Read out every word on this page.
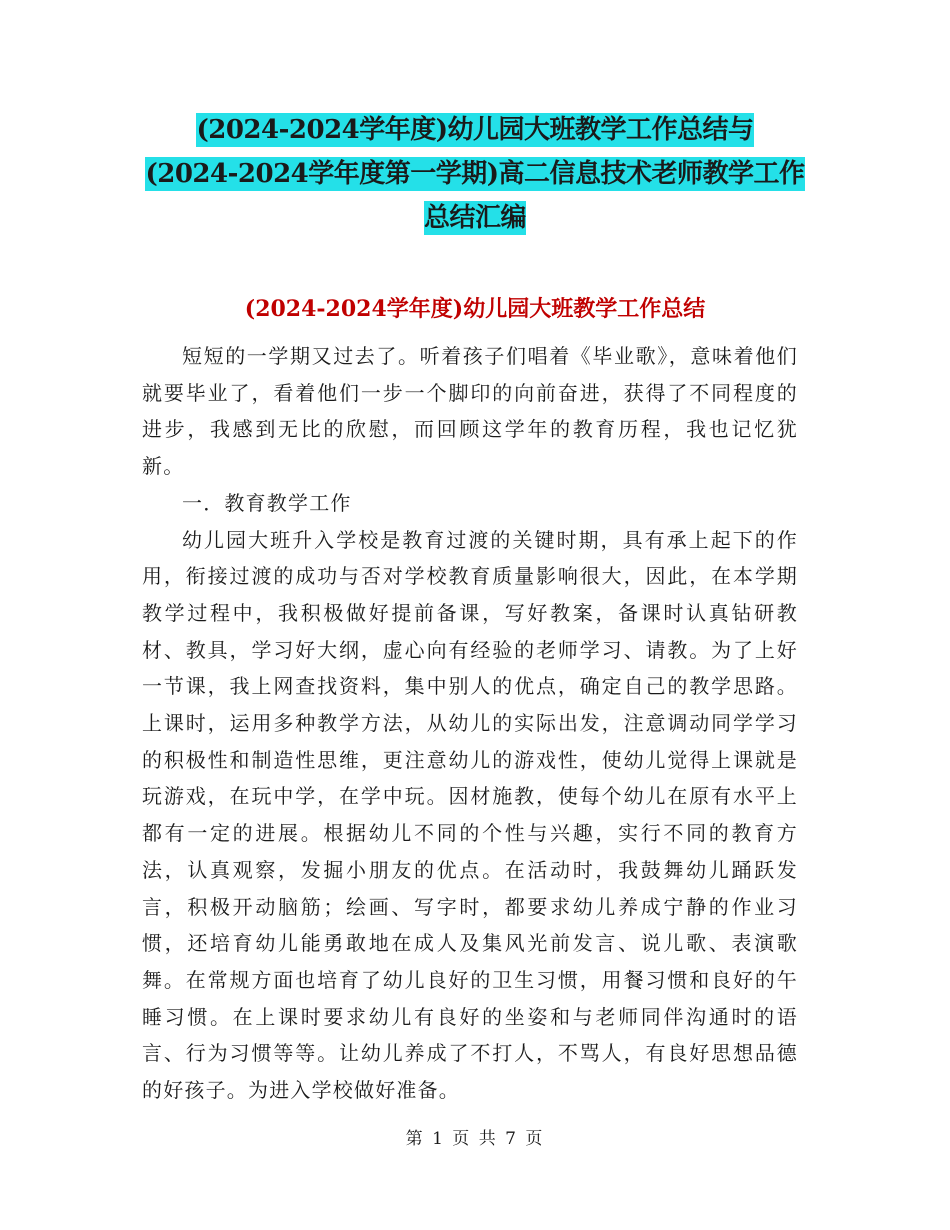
(2024-2024学年度)幼儿园大班教学工作总结与
(2024-2024学年度第一学期)高二信息技术老师教学工作
总结汇编
(2024-2024学年度)幼儿园大班教学工作总结

短短的一学期又过去了。听着孩子们唱着《毕业歌》，意味着他们就要毕业了，看着他们一步一个脚印的向前奋进，获得了不同程度的进步，我感到无比的欣慰，而回顾这学年的教育历程，我也记忆犹新。

一．教育教学工作

幼儿园大班升入学校是教育过渡的关键时期，具有承上起下的作用，衔接过渡的成功与否对学校教育质量影响很大，因此，在本学期教学过程中，我积极做好提前备课，写好教案，备课时认真钻研教材、教具，学习好大纲，虚心向有经验的老师学习、请教。为了上好一节课，我上网查找资料，集中别人的优点，确定自己的教学思路。上课时，运用多种教学方法，从幼儿的实际出发，注意调动同学学习的积极性和制造性思维，更注意幼儿的游戏性，使幼儿觉得上课就是玩游戏，在玩中学，在学中玩。因材施教，使每个幼儿在原有水平上都有一定的进展。根据幼儿不同的个性与兴趣，实行不同的教育方法，认真观察，发掘小朋友的优点。在活动时，我鼓舞幼儿踊跃发言，积极开动脑筋；绘画、写字时，都要求幼儿养成宁静的作业习惯，还培育幼儿能勇敢地在成人及集风光前发言、说儿歌、表演歌舞。在常规方面也培育了幼儿良好的卫生习惯，用餐习惯和良好的午睡习惯。在上课时要求幼儿有良好的坐姿和与老师同伴沟通时的语言、行为习惯等等。让幼儿养成了不打人，不骂人，有良好思想品德的好孩子。为进入学校做好准备。

第 1 页 共 7 页
